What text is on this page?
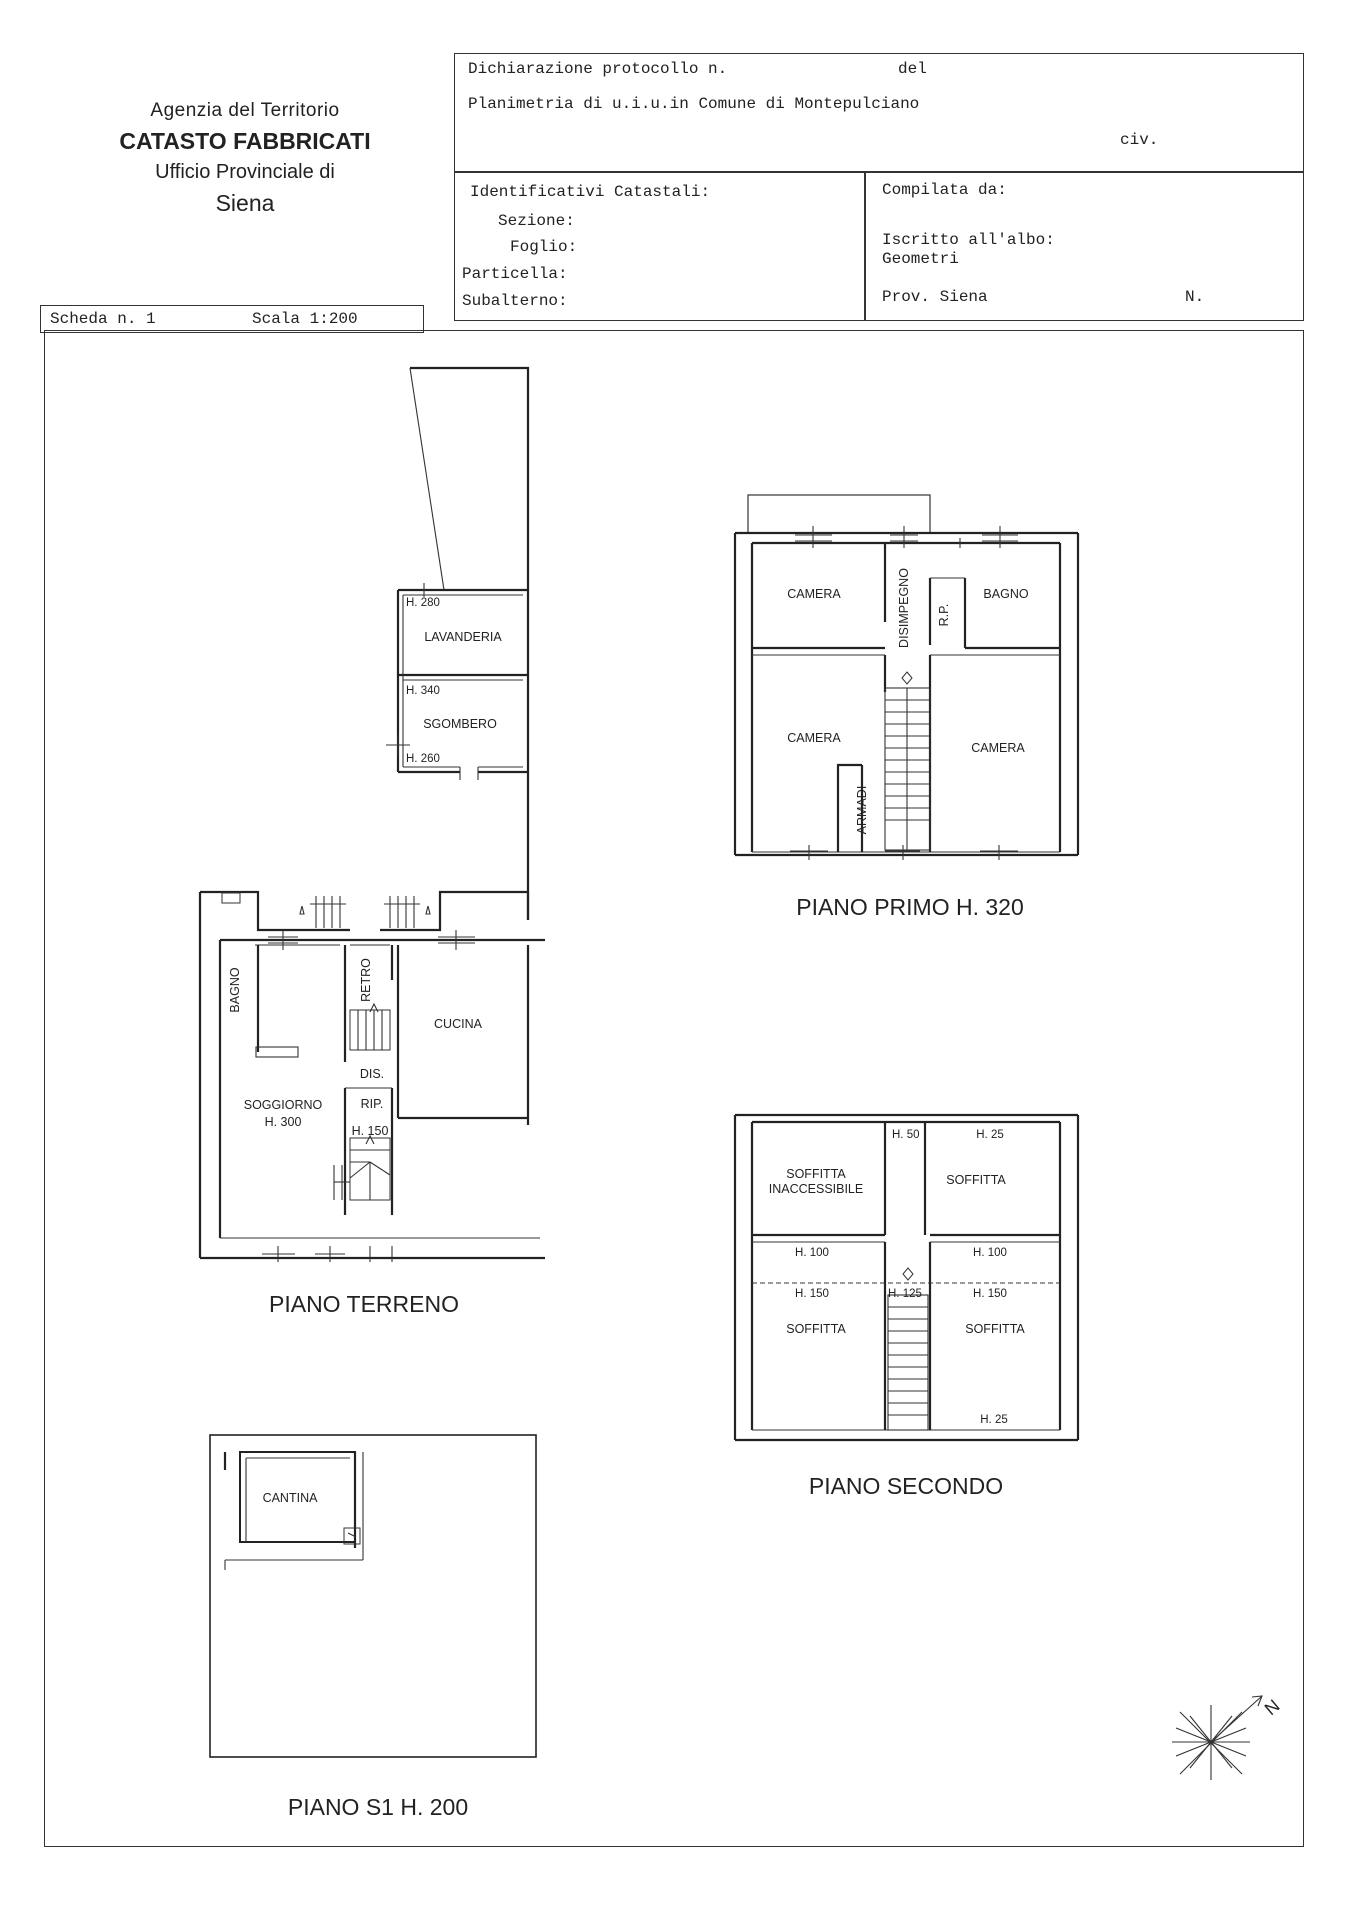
Agenzia del Territorio
CATASTO FABBRICATI
Ufficio Provinciale di
Siena
Dichiarazione protocollo n.	del
Planimetria di u.i.u.in Comune di Montepulciano
civ.
Identificativi Catastali:
Sezione:
Foglio:
Particella:
Subalterno:
Compilata da:
Iscritto all'albo:
Geometri
Prov. Siena	N.
Scheda n. 1	Scala 1:200
H. 280
LAVANDERIA
H. 340
SGOMBERO
H. 260
BAGNO	RETRO
CUCINA
DIS.
SOGGIORNO
H. 300
RIP.
H. 150
PIANO TERRENO
CAMERA	DISIMPEGNO R.P.
BAGNO
CAMERA
ARMADI
CAMERA
PIANO PRIMO H. 320
H. 50	H. 25
SOFFITTA
INACCESSIBILE
SOFFITTA
H. 100	H. 100
H. 150	H. 125	H. 150
SOFFITTA	SOFFITTA
H. 25
PIANO SECONDO
CANTINA
PIANO S1 H. 200
N
